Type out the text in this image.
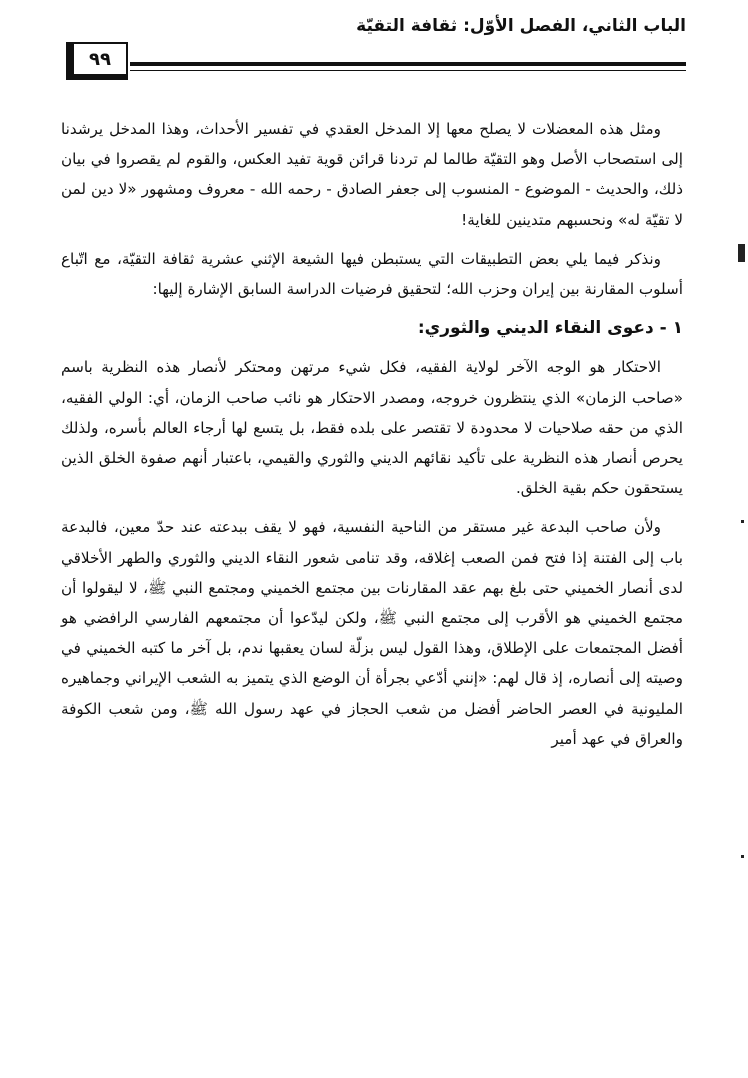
الباب الثاني، الفصل الأوّل: ثقافة التقيّة
٩٩

ومثل هذه المعضلات لا يصلح معها إلا المدخل العقدي في تفسير الأحداث، وهذا المدخل يرشدنا إلى استصحاب الأصل وهو التقيّة طالما لم تردنا قرائن قوية تفيد العكس، والقوم لم يقصروا في بيان ذلك، والحديث - الموضوع - المنسوب إلى جعفر الصادق - رحمه الله - معروف ومشهور «لا دين لمن لا تقيّة له» ونحسبهم متدينين للغاية!

ونذكر فيما يلي بعض التطبيقات التي يستبطن فيها الشيعة الإثني عشرية ثقافة التقيّة، مع اتّباع أسلوب المقارنة بين إيران وحزب الله؛ لتحقيق فرضيات الدراسة السابق الإشارة إليها:

١ - دعوى النقاء الديني والثوري:

الاحتكار هو الوجه الآخر لولاية الفقيه، فكل شيء مرتهن ومحتكر لأنصار هذه النظرية باسم «صاحب الزمان» الذي ينتظرون خروجه، ومصدر الاحتكار هو نائب صاحب الزمان، أي: الولي الفقيه، الذي من حقه صلاحيات لا محدودة لا تقتصر على بلده فقط، بل يتسع لها أرجاء العالم بأسره، ولذلك يحرص أنصار هذه النظرية على تأكيد نقائهم الديني والثوري والقيمي، باعتبار أنهم صفوة الخلق الذين يستحقون حكم بقية الخلق.

ولأن صاحب البدعة غير مستقر من الناحية النفسية، فهو لا يقف ببدعته عند حدّ معين، فالبدعة باب إلى الفتنة إذا فتح فمن الصعب إغلاقه، وقد تنامى شعور النقاء الديني والثوري والطهر الأخلاقي لدى أنصار الخميني حتى بلغ بهم عقد المقارنات بين مجتمع الخميني ومجتمع النبي ﷺ، لا ليقولوا أن مجتمع الخميني هو الأقرب إلى مجتمع النبي ﷺ، ولكن ليدّعوا أن مجتمعهم الفارسي الرافضي هو أفضل المجتمعات على الإطلاق، وهذا القول ليس بزلّة لسان يعقبها ندم، بل آخر ما كتبه الخميني في وصيته إلى أنصاره، إذ قال لهم: «إنني أدّعي بجرأة أن الوضع الذي يتميز به الشعب الإيراني وجماهيره المليونية في العصر الحاضر أفضل من شعب الحجاز في عهد رسول الله ﷺ، ومن شعب الكوفة والعراق في عهد أمير
